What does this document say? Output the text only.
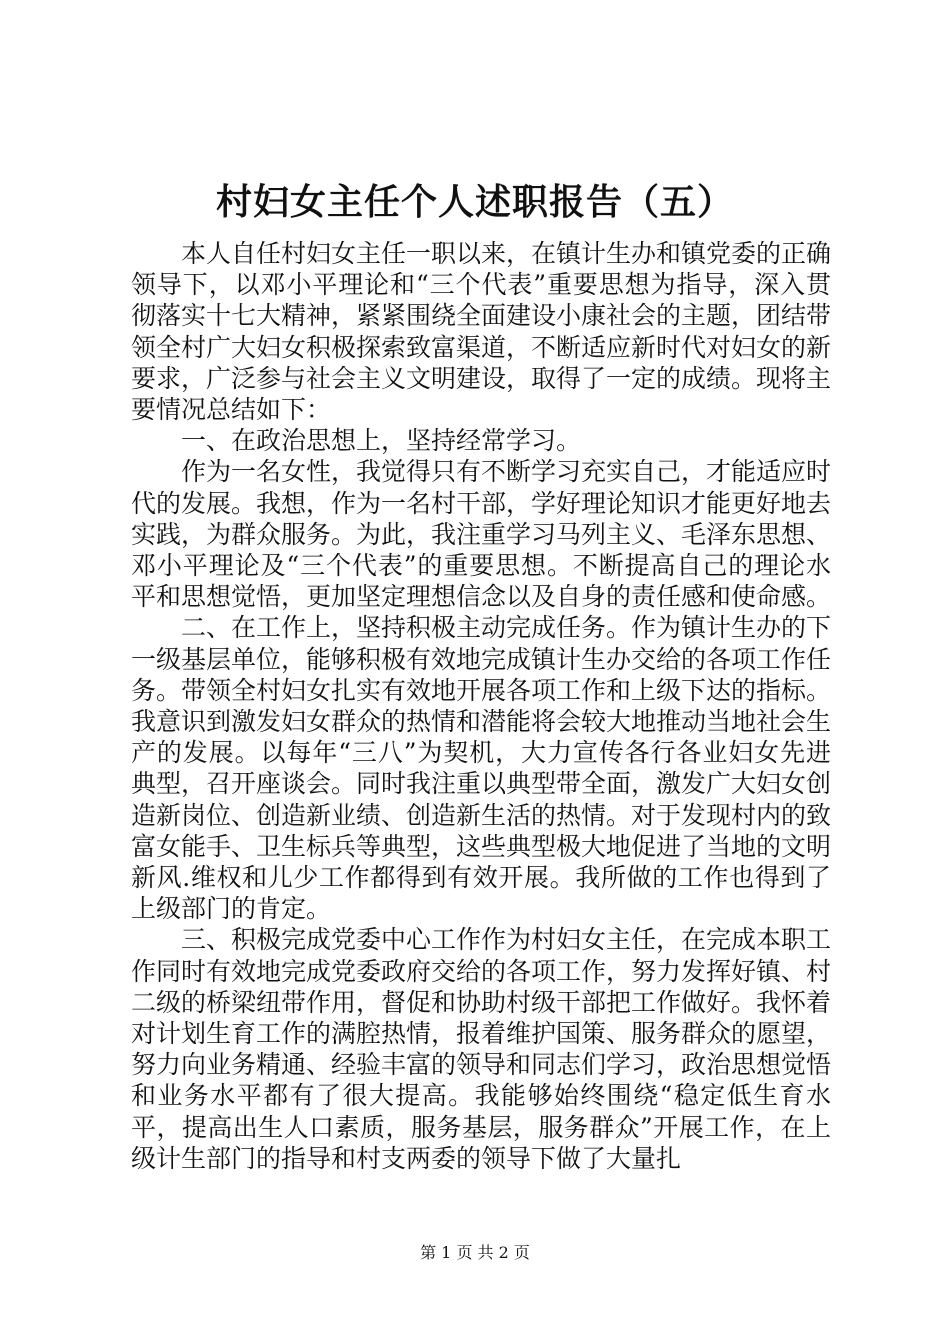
村妇女主任个人述职报告（五）

本人自任村妇女主任一职以来，在镇计生办和镇党委的正确领导下，以邓小平理论和“三个代表”重要思想为指导，深入贯彻落实十七大精神，紧紧围绕全面建设小康社会的主题，团结带领全村广大妇女积极探索致富渠道，不断适应新时代对妇女的新要求，广泛参与社会主义文明建设，取得了一定的成绩。现将主要情况总结如下：

一、在政治思想上，坚持经常学习。

作为一名女性，我觉得只有不断学习充实自己，才能适应时代的发展。我想，作为一名村干部，学好理论知识才能更好地去实践，为群众服务。为此，我注重学习马列主义、毛泽东思想、邓小平理论及“三个代表”的重要思想。不断提高自己的理论水平和思想觉悟，更加坚定理想信念以及自身的责任感和使命感。

二、在工作上，坚持积极主动完成任务。作为镇计生办的下一级基层单位，能够积极有效地完成镇计生办交给的各项工作任务。带领全村妇女扎实有效地开展各项工作和上级下达的指标。我意识到激发妇女群众的热情和潜能将会较大地推动当地社会生产的发展。以每年“三八”为契机，大力宣传各行各业妇女先进典型，召开座谈会。同时我注重以典型带全面，激发广大妇女创造新岗位、创造新业绩、创造新生活的热情。对于发现村内的致富女能手、卫生标兵等典型，这些典型极大地促进了当地的文明新风.维权和儿少工作都得到有效开展。我所做的工作也得到了上级部门的肯定。

三、积极完成党委中心工作作为村妇女主任，在完成本职工作同时有效地完成党委政府交给的各项工作，努力发挥好镇、村二级的桥梁纽带作用，督促和协助村级干部把工作做好。我怀着对计划生育工作的满腔热情，报着维护国策、服务群众的愿望，努力向业务精通、经验丰富的领导和同志们学习，政治思想觉悟和业务水平都有了很大提高。我能够始终围绕“稳定低生育水平，提高出生人口素质，服务基层，服务群众”开展工作，在上级计生部门的指导和村支两委的领导下做了大量扎

第 1 页 共 2 页
